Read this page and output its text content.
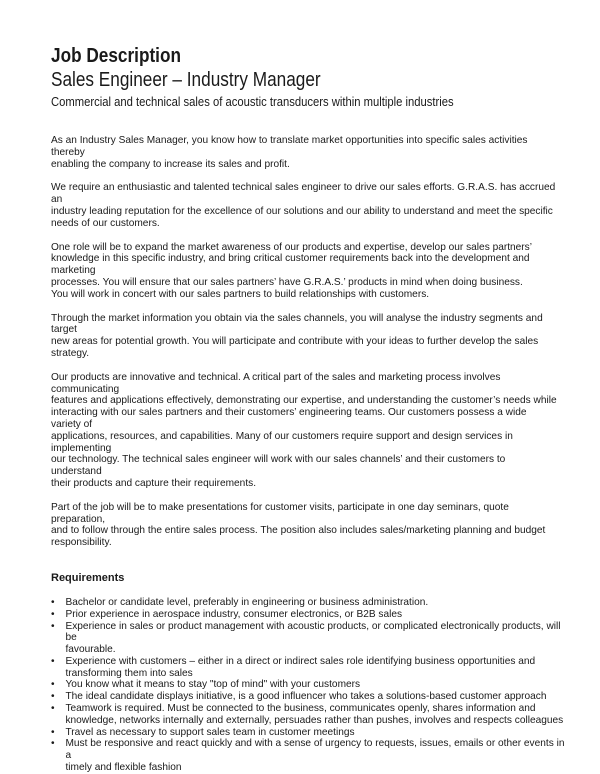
Job Description
Sales Engineer – Industry Manager
Commercial and technical sales of acoustic transducers within multiple industries

As an Industry Sales Manager, you know how to translate market opportunities into specific sales activities thereby
enabling the company to increase its sales and profit.

We require an enthusiastic and talented technical sales engineer to drive our sales efforts. G.R.A.S. has accrued an
industry leading reputation for the excellence of our solutions and our ability to understand and meet the specific
needs of our customers.

One role will be to expand the market awareness of our products and expertise, develop our sales partners’
knowledge in this specific industry, and bring critical customer requirements back into the development and marketing
processes. You will ensure that our sales partners’ have G.R.A.S.’ products in mind when doing business.
You will work in concert with our sales partners to build relationships with customers.

Through the market information you obtain via the sales channels, you will analyse the industry segments and target
new areas for potential growth. You will participate and contribute with your ideas to further develop the sales
strategy.

Our products are innovative and technical. A critical part of the sales and marketing process involves communicating
features and applications effectively, demonstrating our expertise, and understanding the customer’s needs while
interacting with our sales partners and their customers’ engineering teams. Our customers possess a wide variety of
applications, resources, and capabilities. Many of our customers require support and design services in implementing
our technology. The technical sales engineer will work with our sales channels’ and their customers to understand
their products and capture their requirements.

Part of the job will be to make presentations for customer visits, participate in one day seminars, quote preparation,
and to follow through the entire sales process. The position also includes sales/marketing planning and budget
responsibility.

Requirements
• Bachelor or candidate level, preferably in engineering or business administration.
• Prior experience in aerospace industry, consumer electronics, or B2B sales
• Experience in sales or product management with acoustic products, or complicated electronically products, will be
favourable.
• Experience with customers – either in a direct or indirect sales role identifying business opportunities and
transforming them into sales
• You know what it means to stay "top of mind" with your customers
• The ideal candidate displays initiative, is a good influencer who takes a solutions-based customer approach
• Teamwork is required. Must be connected to the business, communicates openly, shares information and
knowledge, networks internally and externally, persuades rather than pushes, involves and respects colleagues
• Travel as necessary to support sales team in customer meetings
• Must be responsive and react quickly and with a sense of urgency to requests, issues, emails or other events in a
timely and flexible fashion
